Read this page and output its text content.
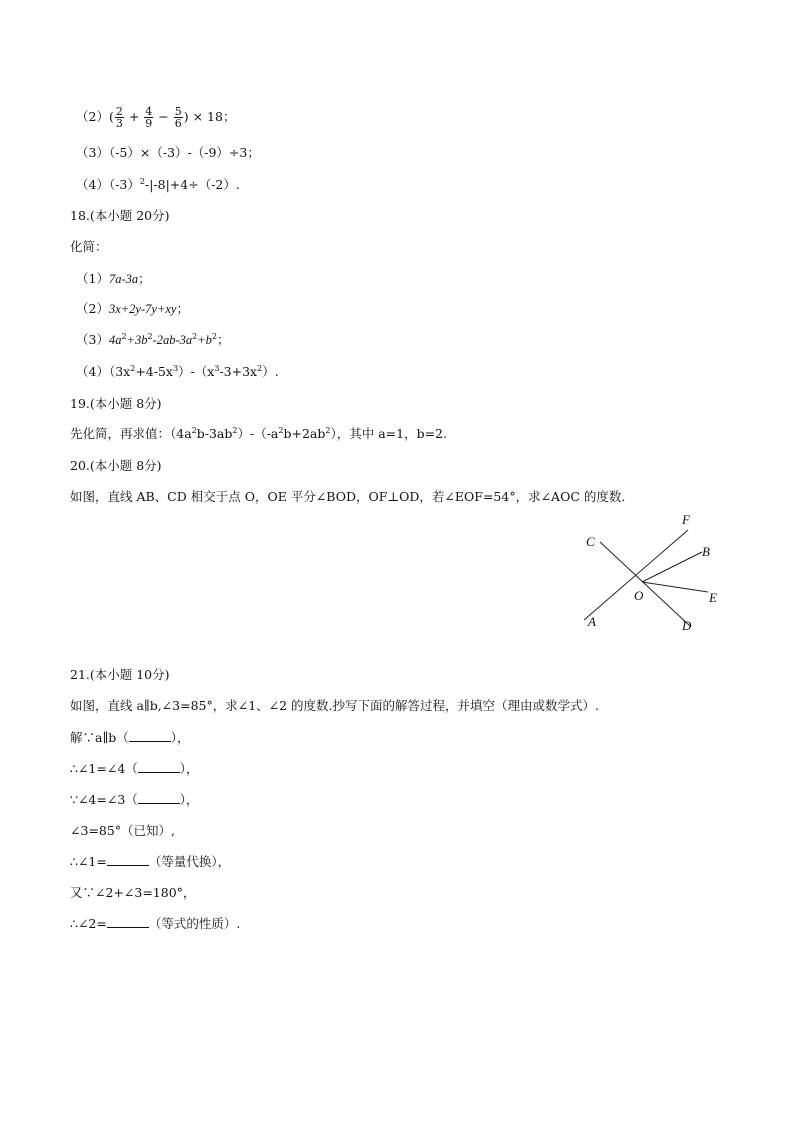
$(2)( \frac{2}{3} + \frac{4}{9} - \frac{5}{6}$ ) × 18；
（3）（-5）×（-3）-（-9）÷3；
$(4)(-3)^2-|-8|+4\div(-2)$.
18.(本小题 20分)
化简：
（1）7a-3a；
（2）3x+2y-7y+xy；
$(3)4a^2+3b^2-2ab-3a^2+b^2$；
$(4)(3x^2+4-5x^3)-(x^3-3+3x^2)$.
19.(本小题 8分)
先化简，再求值：$(4a^2b-3ab^2)-(-a^2b+2ab^2)$，其中 a=1，b=2.
20.(本小题 8分)
如图，直线 AB、CD 相交于点 O，OE 平分∠BOD，OF⊥OD，若∠EOF=54°，求∠AOC 的度数．
C
F
B
O	E
A	D
21.(本小题 10分)
如图，直线 a∥b,∠3=85°，求∠1、∠2 的度数.抄写下面的解答过程，并填空（理由或数学式）.
解∵a∥b（	），
∴∠1=∠4（	），
∵∠4=∠3（	），
∠3=85°（已知）,
∴∠1=	（等量代换），
又∵∠2+∠3=180°，
∴∠2=	（等式的性质）.
